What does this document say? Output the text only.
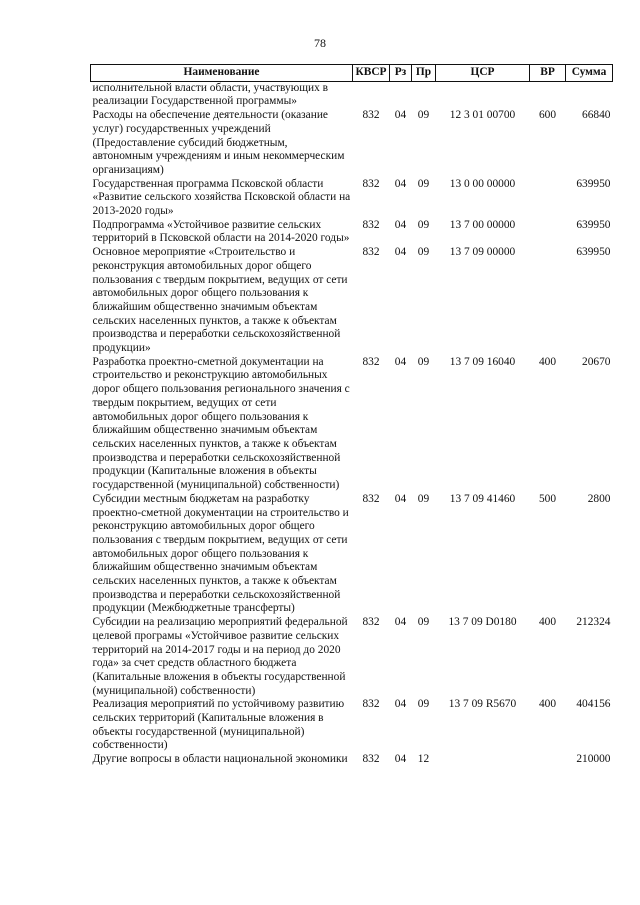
78
Наименование	КВСР	Рз	Пр	ЦСР	ВР	Сумма
исполнительной власти области, участвующих в реализации Государственной программы»						
Расходы на обеспечение деятельности (оказание услуг) государственных учреждений (Предоставление субсидий бюджетным, автономным учреждениям и иным некоммерческим организациям)	832	04	09	12 3 01 00700	600	66840
Государственная программа Псковской области «Развитие сельского хозяйства Псковской области на 2013-2020 годы»	832	04	09	13 0 00 00000		639950
Подпрограмма «Устойчивое развитие сельских территорий в Псковской области на 2014-2020 годы»	832	04	09	13 7 00 00000		639950
Основное мероприятие «Строительство и реконструкция автомобильных дорог общего пользования с твердым покрытием, ведущих от сети автомобильных дорог общего пользования к ближайшим общественно значимым объектам сельских населенных пунктов, а также к объектам производства и переработки сельскохозяйственной продукции»	832	04	09	13 7 09 00000		639950
Разработка проектно-сметной документации на строительство и реконструкцию автомобильных дорог общего пользования регионального значения с твердым покрытием, ведущих от сети автомобильных дорог общего пользования к ближайшим общественно значимым объектам сельских населенных пунктов, а также к объектам производства и переработки сельскохозяйственной продукции (Капитальные вложения в объекты государственной (муниципальной) собственности)	832	04	09	13 7 09 16040	400	20670
Субсидии местным бюджетам на разработку проектно-сметной документации на строительство и реконструкцию автомобильных дорог общего пользования с твердым покрытием, ведущих от сети автомобильных дорог общего пользования к ближайшим общественно значимым объектам сельских населенных пунктов, а также к объектам производства и переработки сельскохозяйственной продукции (Межбюджетные трансферты)	832	04	09	13 7 09 41460	500	2800
Субсидии на реализацию мероприятий федеральной целевой програмы «Устойчивое развитие сельских территорий на 2014-2017 годы и на период до 2020 года» за счет средств областного бюджета (Капитальные вложения в объекты государственной (муниципальной) собственности)	832	04	09	13 7 09 D0180	400	212324
Реализация мероприятий по устойчивому развитию сельских территорий (Капитальные вложения в объекты государственной (муниципальной) собственности)	832	04	09	13 7 09 R5670	400	404156
Другие вопросы в области национальной экономики	832	04	12			210000
